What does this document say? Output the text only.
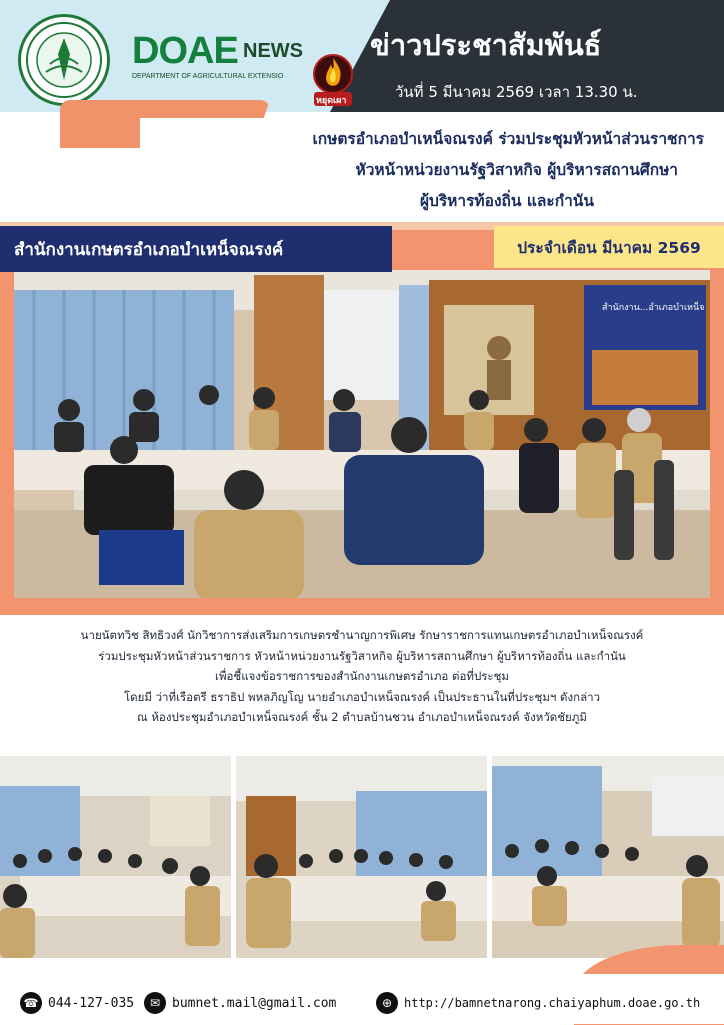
DOAE NEWS
DEPARTMENT OF AGRICULTURAL EXTENSIO
หยุดเผา
ข่าวประชาสัมพันธ์
วันที่ 5 มีนาคม 2569 เวลา 13.30 น.
เกษตรอำเภอบำเหน็จณรงค์ ร่วมประชุมหัวหน้าส่วนราชการ
หัวหน้าหน่วยงานรัฐวิสาหกิจ ผู้บริหารสถานศึกษา
ผู้บริหารท้องถิ่น และกำนัน
สำนักงาน...อำเภอบำเหน็จ
สำนักงานเกษตรอำเภอบำเหน็จณรงค์	ประจำเดือน มีนาคม 2569
นายนัตทวิช สิทธิวงศ์ นักวิชาการส่งเสริมการเกษตรชำนาญการพิเศษ รักษาราชการแทนเกษตรอำเภอบำเหน็จณรงค์
ร่วมประชุมหัวหน้าส่วนราชการ หัวหน้าหน่วยงานรัฐวิสาหกิจ ผู้บริหารสถานศึกษา ผู้บริหารท้องถิ่น และกำนัน
เพื่อชี้แจงข้อราชการของสำนักงานเกษตรอำเภอ ต่อที่ประชุม
โดยมี ว่าที่เรือตรี ธราธิป พหลภิญโญ นายอำเภอบำเหน็จณรงค์ เป็นประธานในที่ประชุมฯ ดังกล่าว
ณ ห้องประชุมอำเภอบำเหน็จณรงค์ ชั้น 2 ตำบลบ้านชวน อำเภอบำเหน็จณรงค์ จังหวัดชัยภูมิ
☎ 044-127-035	✉ bumnet.mail@gmail.com	⊕ http://bamnetnarong.chaiyaphum.doae.go.th
